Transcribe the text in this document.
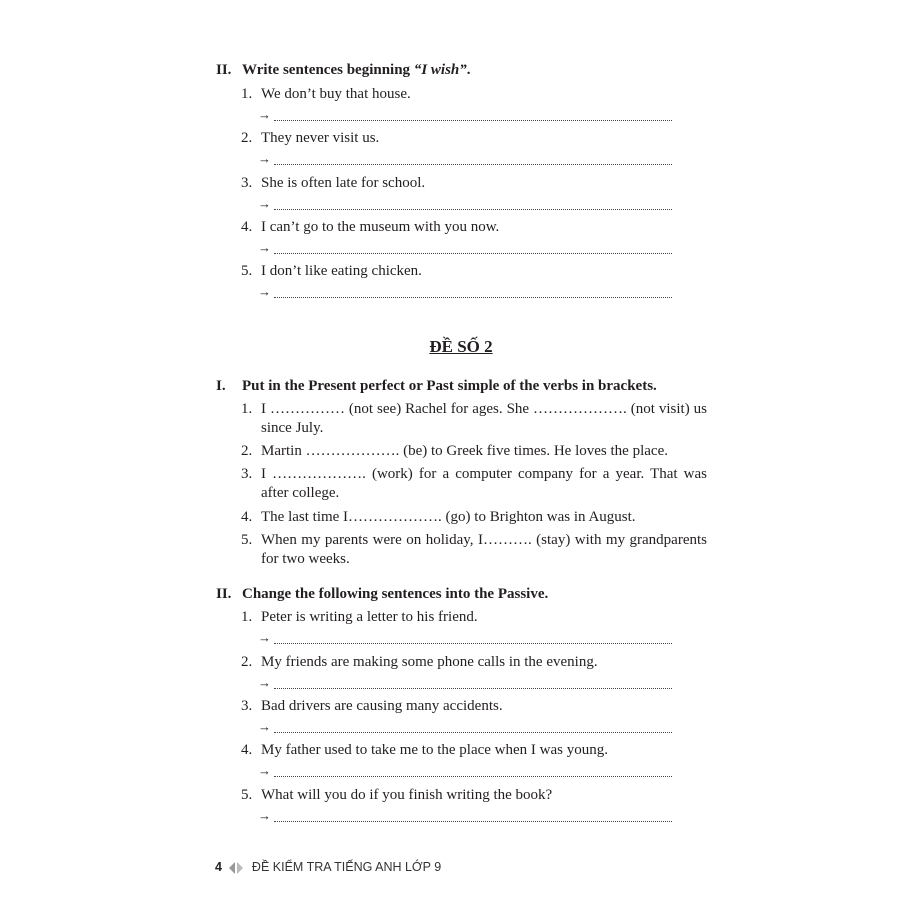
II. Write sentences beginning “I wish”.
1. We don’t buy that house.
→
2. They never visit us.
→
3. She is often late for school.
→
4. I can’t go to the museum with you now.
→
5. I don’t like eating chicken.
→
ĐỀ SỐ 2
I. Put in the Present perfect or Past simple of the verbs in brackets.
1. I …………… (not see) Rachel for ages. She ………………. (not visit) us since July.
2. Martin ………………. (be) to Greek five times. He loves the place.
3. I ………………. (work) for a computer company for a year. That was after college.
4. The last time I………………. (go) to Brighton was in August.
5. When my parents were on holiday, I………. (stay) with my grandparents for two weeks.
II. Change the following sentences into the Passive.
1. Peter is writing a letter to his friend.
→
2. My friends are making some phone calls in the evening.
→
3. Bad drivers are causing many accidents.
→
4. My father used to take me to the place when I was young.
→
5. What will you do if you finish writing the book?
→
4 ĐỀ KIỂM TRA TIẾNG ANH LỚP 9
